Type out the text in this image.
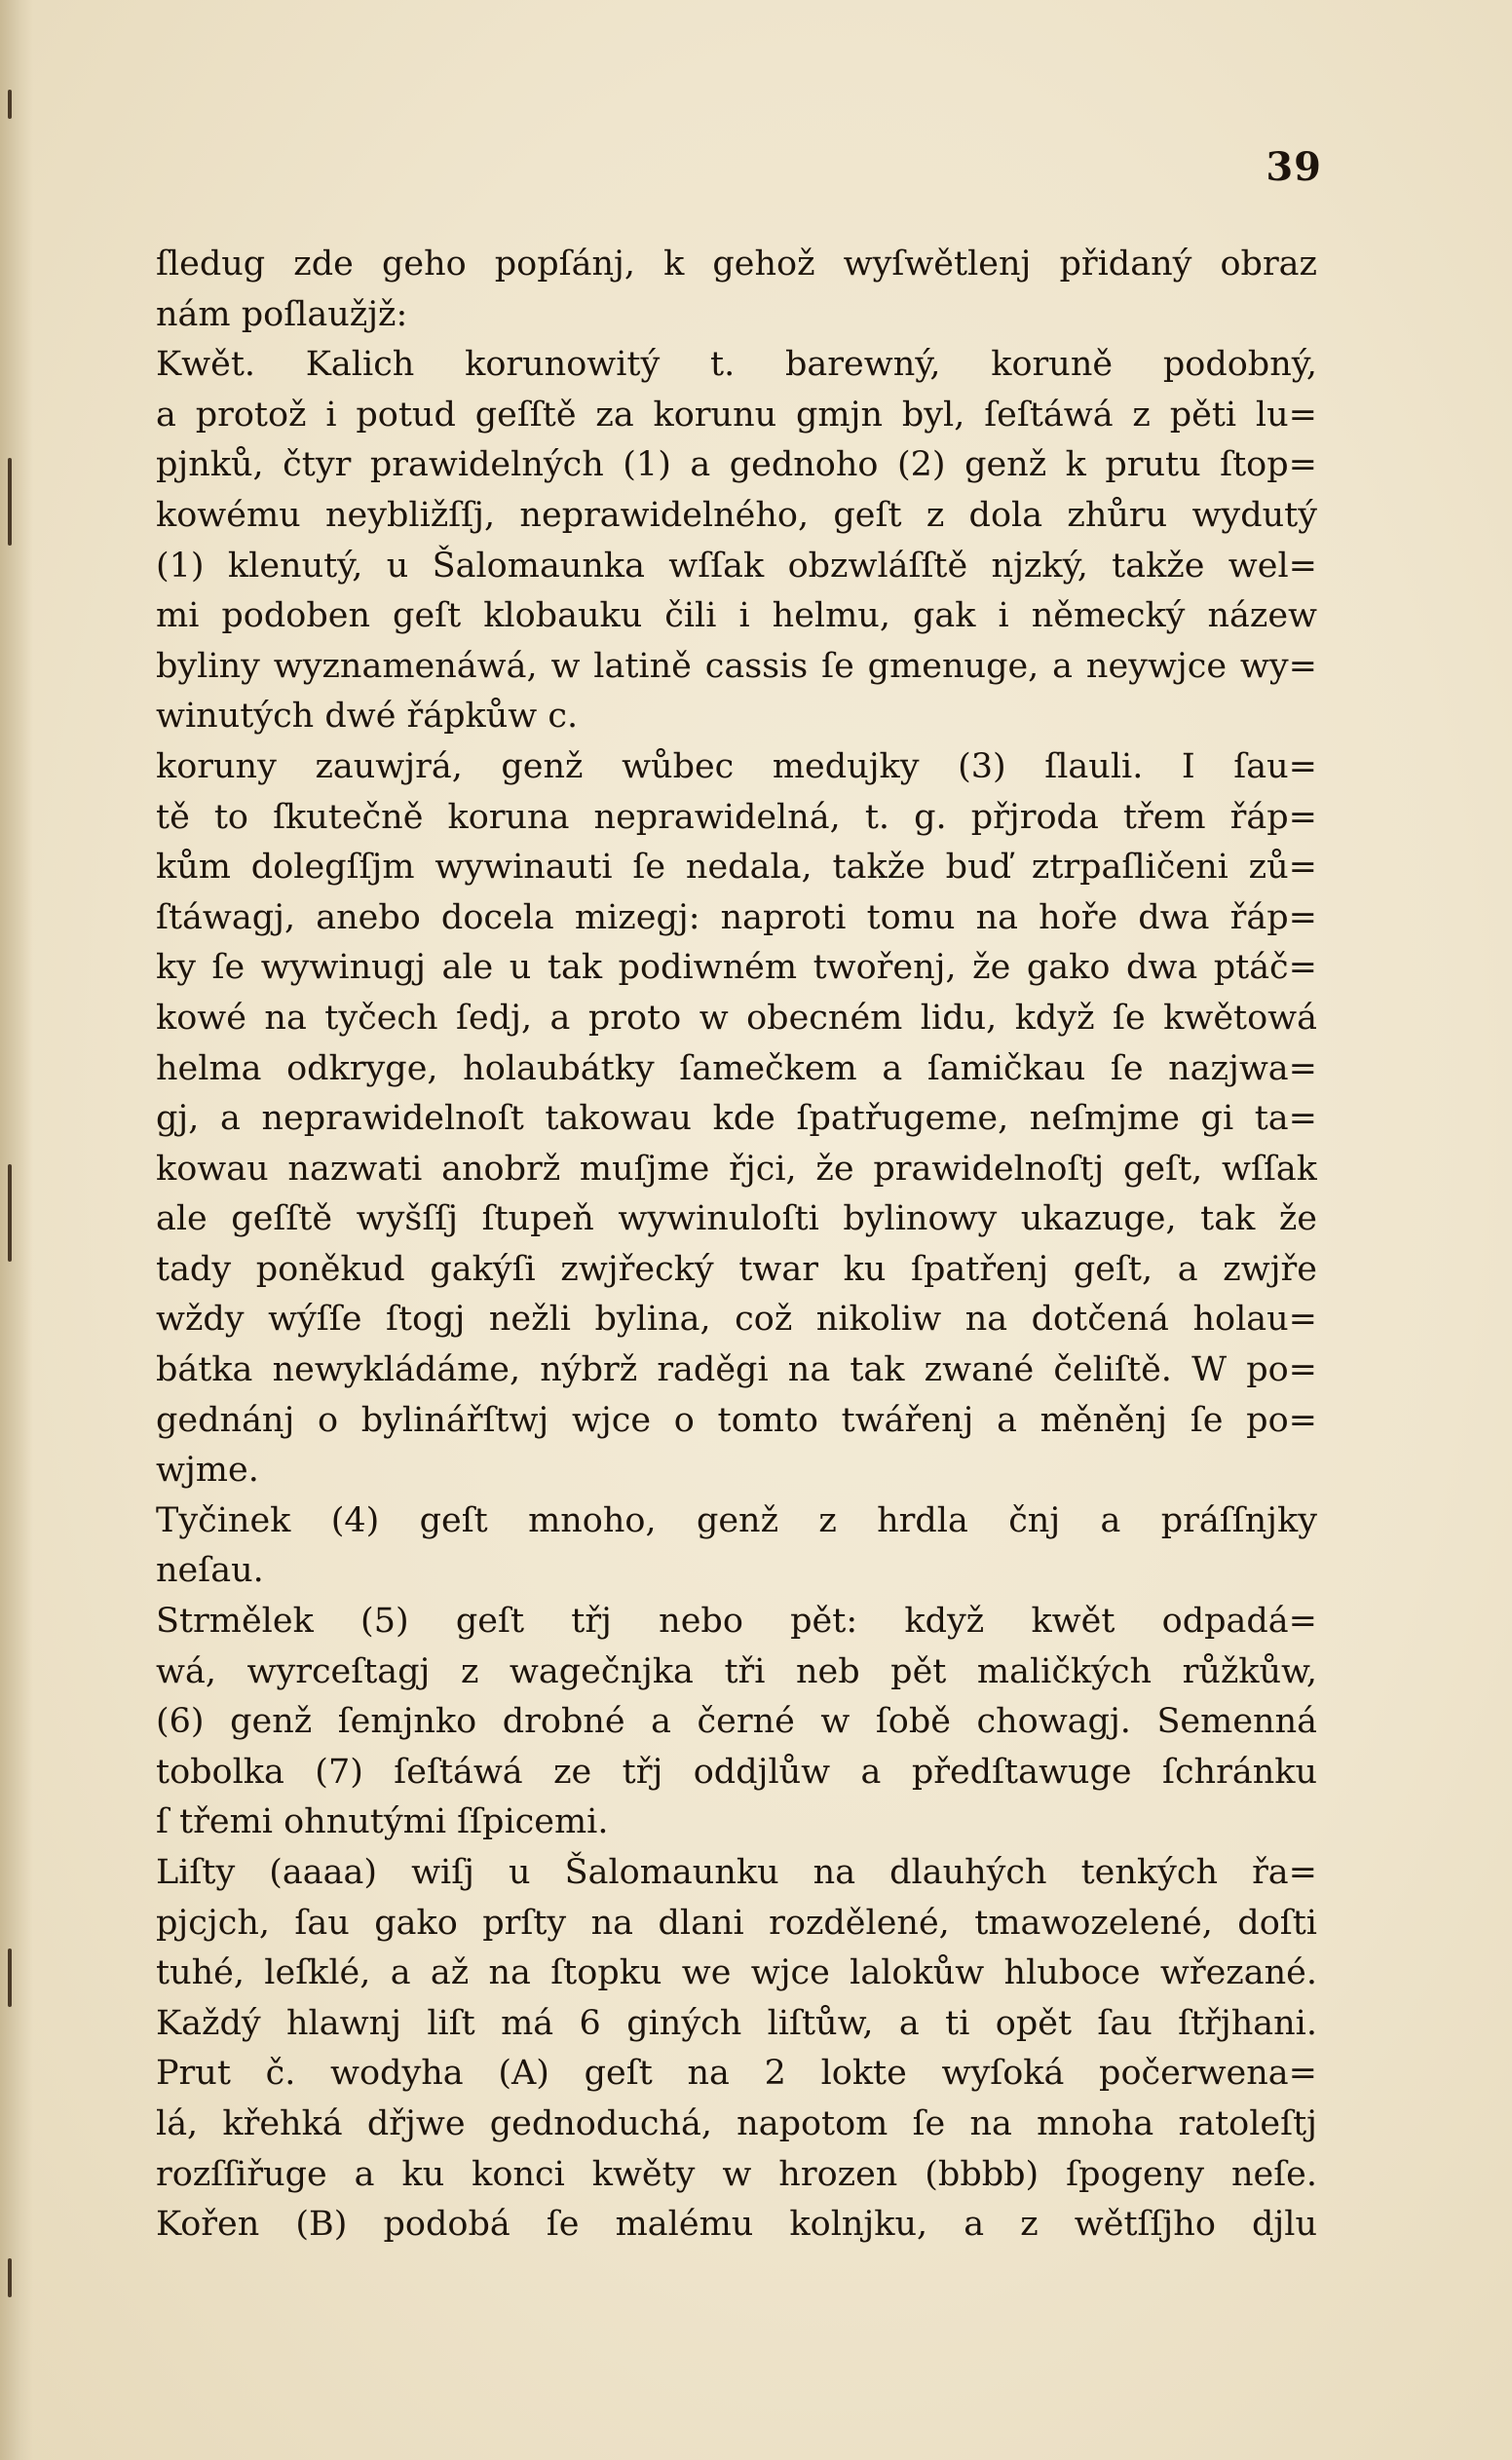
39
ſledug zde geho popſánj, k gehož wyſwětlenj přidaný obraz
nám poſlaužjž:
Kwět. Kalich korunowitý t. barewný, koruně podobný,
a protož i potud geſſtě za korunu gmjn byl, ſeſtáwá z pěti lu=
pjnků, čtyr prawidelných (1) a gednoho (2) genž k prutu ſtop=
kowému neybližſſj, neprawidelného, geſt z dola zhůru wydutý
(1) klenutý, u Šalomaunka wſſak obzwláſſtě njzký, takže wel=
mi podoben geſt klobauku čili i helmu, gak i německý názew
byliny wyznamenáwá, w latině cassis ſe gmenuge, a neywjce wy=
winutých dwé řápkůw c.
koruny zauwjrá, genž wůbec medujky (3) ſlauli. I ſau=
tě to ſkutečně koruna neprawidelná, t. g. přjroda třem řáp=
kům dolegſſjm wywinauti ſe nedala, takže buď ztrpaſličeni zů=
ſtáwagj, anebo docela mizegj: naproti tomu na hoře dwa řáp=
ky ſe wywinugj ale u tak podiwném twořenj, že gako dwa ptáč=
kowé na tyčech ſedj, a proto w obecném lidu, když ſe kwětowá
helma odkryge, holaubátky ſamečkem a ſamičkau ſe nazjwa=
gj, a neprawidelnoſt takowau kde ſpatřugeme, neſmjme gi ta=
kowau nazwati anobrž muſjme řjci, že prawidelnoſtj geſt, wſſak
ale geſſtě wyšſſj ſtupeň wywinuloſti bylinowy ukazuge, tak že
tady poněkud gakýſi zwjřecký twar ku ſpatřenj geſt, a zwjře
wždy wýſſe ſtogj nežli bylina, což nikoliw na dotčená holau=
bátka newykládáme, nýbrž raděgi na tak zwané čeliſtě. W po=
gednánj o bylinářſtwj wjce o tomto twářenj a měněnj ſe po=
wjme.
Tyčinek (4) geſt mnoho, genž z hrdla čnj a práſſnjky
neſau.
Strmělek (5) geſt třj nebo pět: když kwět odpadá=
wá, wyrceſtagj z wagečnjka tři neb pět maličkých růžkůw,
(6) genž ſemjnko drobné a černé w ſobě chowagj. Semenná
tobolka (7) ſeſtáwá ze třj oddjlůw a předſtawuge ſchránku
ſ třemi ohnutými ſſpicemi.
Liſty (aaaa) wiſj u Šalomaunku na dlauhých tenkých řa=
pjcjch, ſau gako prſty na dlani rozdělené, tmawozelené, doſti
tuhé, leſklé, a až na ſtopku we wjce lalokůw hluboce wřezané.
Každý hlawnj liſt má 6 giných liſtůw, a ti opět ſau ſtřjhani.
Prut č. wodyha (A) geſt na 2 lokte wyſoká počerwena=
lá, křehká dřjwe gednoduchá, napotom ſe na mnoha ratoleſtj
rozſſiřuge a ku konci kwěty w hrozen (bbbb) ſpogeny neſe.
Kořen (B) podobá ſe malému kolnjku, a z wětſſjho djlu
